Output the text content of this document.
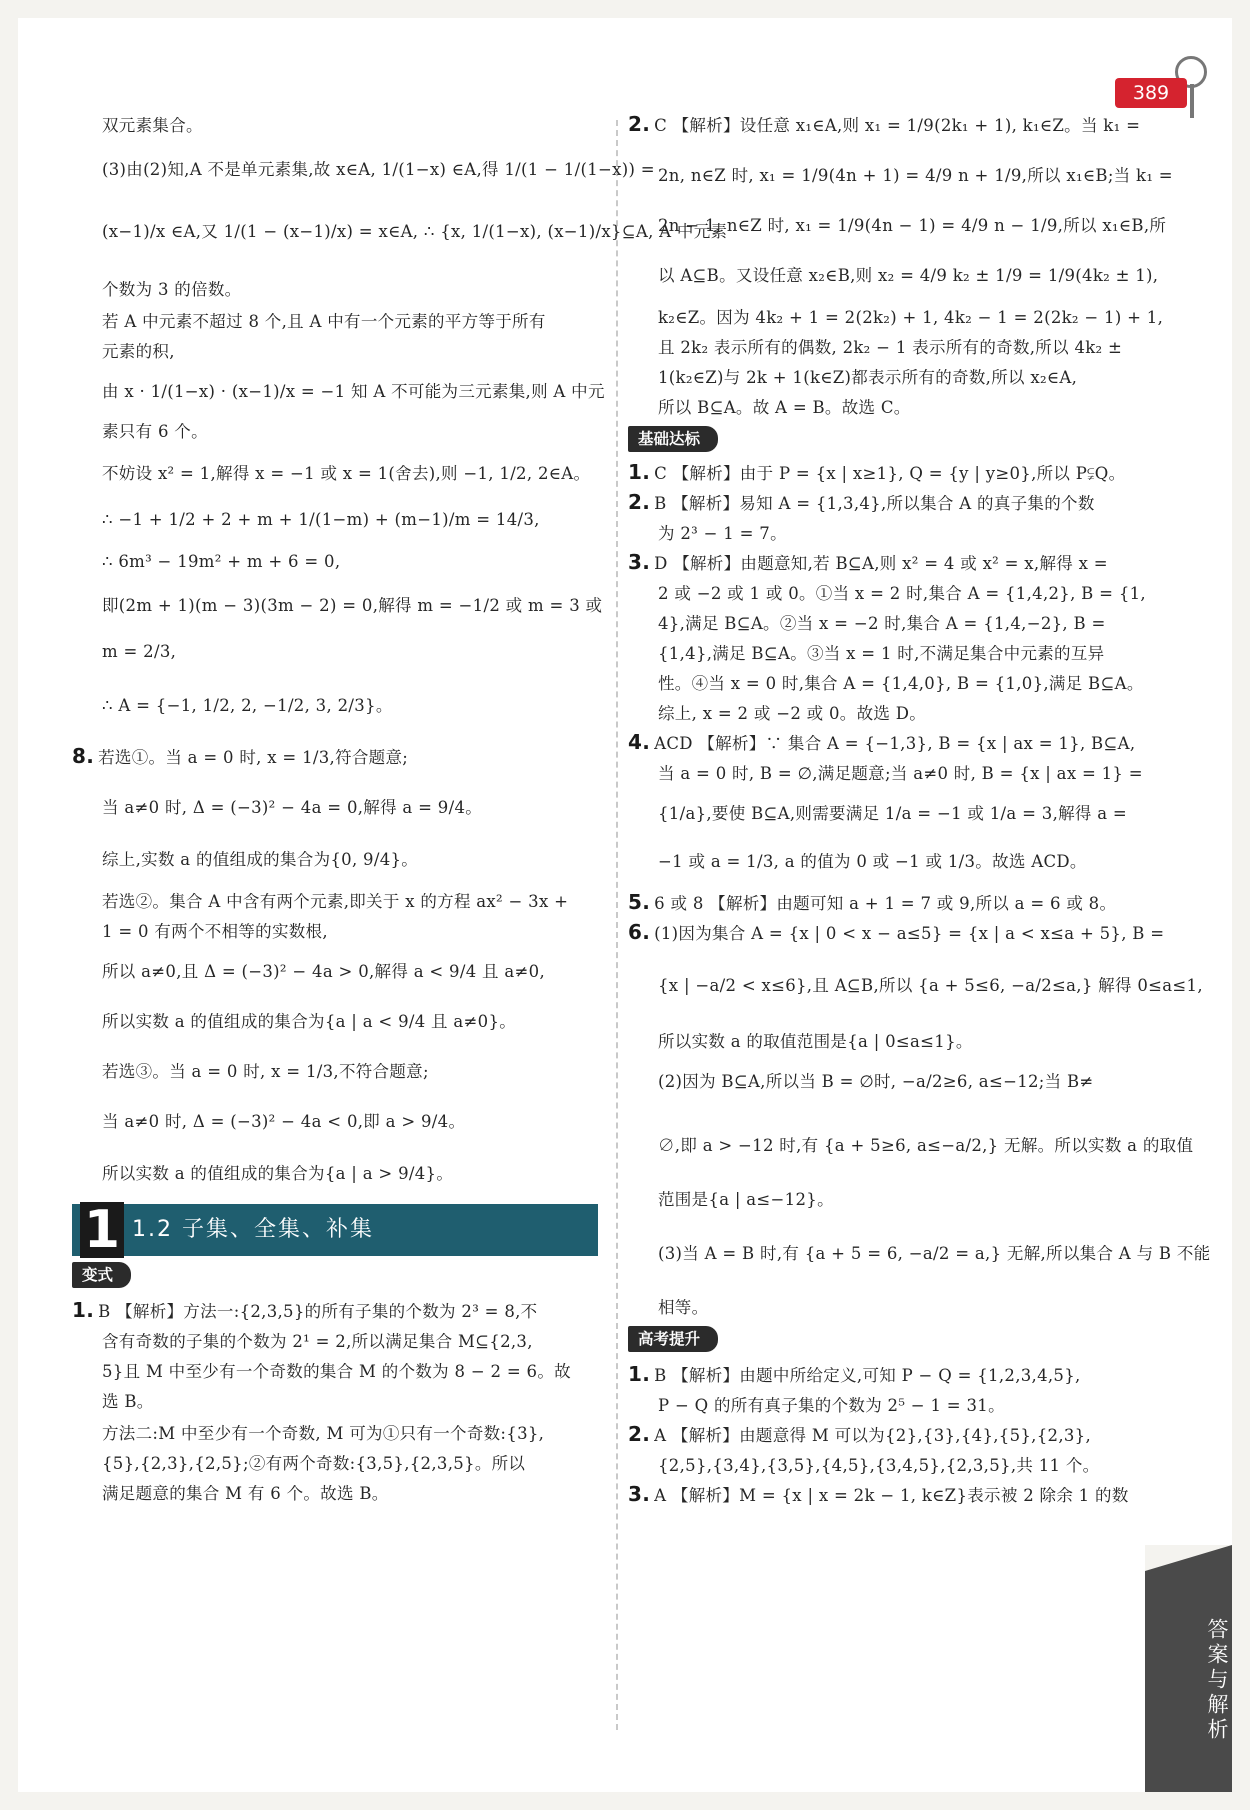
389
双元素集合。
(3)由(2)知,A 不是单元素集,故 x∈A, 1/(1−x) ∈A,得 1/(1 − 1/(1−x)) =
(x−1)/x ∈A,又 1/(1 − (x−1)/x) = x∈A, ∴ {x, 1/(1−x), (x−1)/x}⊆A, A 中元素
个数为 3 的倍数。
若 A 中元素不超过 8 个,且 A 中有一个元素的平方等于所有
元素的积,
由 x · 1/(1−x) · (x−1)/x = −1 知 A 不可能为三元素集,则 A 中元
素只有 6 个。
不妨设 x² = 1,解得 x = −1 或 x = 1(舍去),则 −1, 1/2, 2∈A。
∴ −1 + 1/2 + 2 + m + 1/(1−m) + (m−1)/m = 14/3,
∴ 6m³ − 19m² + m + 6 = 0,
即(2m + 1)(m − 3)(3m − 2) = 0,解得 m = −1/2 或 m = 3 或
m = 2/3,
∴ A = {−1, 1/2, 2, −1/2, 3, 2/3}。
8. 若选①。当 a = 0 时, x = 1/3,符合题意;
当 a≠0 时, Δ = (−3)² − 4a = 0,解得 a = 9/4。
综上,实数 a 的值组成的集合为{0, 9/4}。
若选②。集合 A 中含有两个元素,即关于 x 的方程 ax² − 3x +
1 = 0 有两个不相等的实数根,
所以 a≠0,且 Δ = (−3)² − 4a > 0,解得 a < 9/4 且 a≠0,
所以实数 a 的值组成的集合为{a | a < 9/4 且 a≠0}。
若选③。当 a = 0 时, x = 1/3,不符合题意;
当 a≠0 时, Δ = (−3)² − 4a < 0,即 a > 9/4。
所以实数 a 的值组成的集合为{a | a > 9/4}。
1 1.2 子集、全集、补集
变式
1. B 【解析】方法一:{2,3,5}的所有子集的个数为 2³ = 8,不
含有奇数的子集的个数为 2¹ = 2,所以满足集合 M⊆{2,3,
5}且 M 中至少有一个奇数的集合 M 的个数为 8 − 2 = 6。故
选 B。
方法二:M 中至少有一个奇数, M 可为①只有一个奇数:{3},
{5},{2,3},{2,5};②有两个奇数:{3,5},{2,3,5}。所以
满足题意的集合 M 有 6 个。故选 B。
2. C 【解析】设任意 x₁∈A,则 x₁ = 1/9(2k₁ + 1), k₁∈Z。当 k₁ =
2n, n∈Z 时, x₁ = 1/9(4n + 1) = 4/9 n + 1/9,所以 x₁∈B;当 k₁ =
2n − 1, n∈Z 时, x₁ = 1/9(4n − 1) = 4/9 n − 1/9,所以 x₁∈B,所
以 A⊆B。又设任意 x₂∈B,则 x₂ = 4/9 k₂ ± 1/9 = 1/9(4k₂ ± 1),
k₂∈Z。因为 4k₂ + 1 = 2(2k₂) + 1, 4k₂ − 1 = 2(2k₂ − 1) + 1,
且 2k₂ 表示所有的偶数, 2k₂ − 1 表示所有的奇数,所以 4k₂ ±
1(k₂∈Z)与 2k + 1(k∈Z)都表示所有的奇数,所以 x₂∈A,
所以 B⊆A。故 A = B。故选 C。
基础达标
1. C 【解析】由于 P = {x | x≥1}, Q = {y | y≥0},所以 P⫋Q。
2. B 【解析】易知 A = {1,3,4},所以集合 A 的真子集的个数
为 2³ − 1 = 7。
3. D 【解析】由题意知,若 B⊆A,则 x² = 4 或 x² = x,解得 x =
2 或 −2 或 1 或 0。①当 x = 2 时,集合 A = {1,4,2}, B = {1,
4},满足 B⊆A。②当 x = −2 时,集合 A = {1,4,−2}, B =
{1,4},满足 B⊆A。③当 x = 1 时,不满足集合中元素的互异
性。④当 x = 0 时,集合 A = {1,4,0}, B = {1,0},满足 B⊆A。
综上, x = 2 或 −2 或 0。故选 D。
4. ACD 【解析】∵ 集合 A = {−1,3}, B = {x | ax = 1}, B⊆A,
当 a = 0 时, B = ∅,满足题意;当 a≠0 时, B = {x | ax = 1} =
{1/a},要使 B⊆A,则需要满足 1/a = −1 或 1/a = 3,解得 a =
−1 或 a = 1/3, a 的值为 0 或 −1 或 1/3。故选 ACD。
5. 6 或 8 【解析】由题可知 a + 1 = 7 或 9,所以 a = 6 或 8。
6. (1)因为集合 A = {x | 0 < x − a≤5} = {x | a < x≤a + 5}, B =
{x | −a/2 < x≤6},且 A⊆B,所以 {a + 5≤6, −a/2≤a,} 解得 0≤a≤1,
所以实数 a 的取值范围是{a | 0≤a≤1}。
(2)因为 B⊆A,所以当 B = ∅时, −a/2≥6, a≤−12;当 B≠
∅,即 a > −12 时,有 {a + 5≥6, a≤−a/2,} 无解。所以实数 a 的取值
范围是{a | a≤−12}。
(3)当 A = B 时,有 {a + 5 = 6, −a/2 = a,} 无解,所以集合 A 与 B 不能
相等。
高考提升
1. B 【解析】由题中所给定义,可知 P − Q = {1,2,3,4,5},
P − Q 的所有真子集的个数为 2⁵ − 1 = 31。
2. A 【解析】由题意得 M 可以为{2},{3},{4},{5},{2,3},
{2,5},{3,4},{3,5},{4,5},{3,4,5},{2,3,5},共 11 个。
3. A 【解析】M = {x | x = 2k − 1, k∈Z}表示被 2 除余 1 的数
答案与解析
